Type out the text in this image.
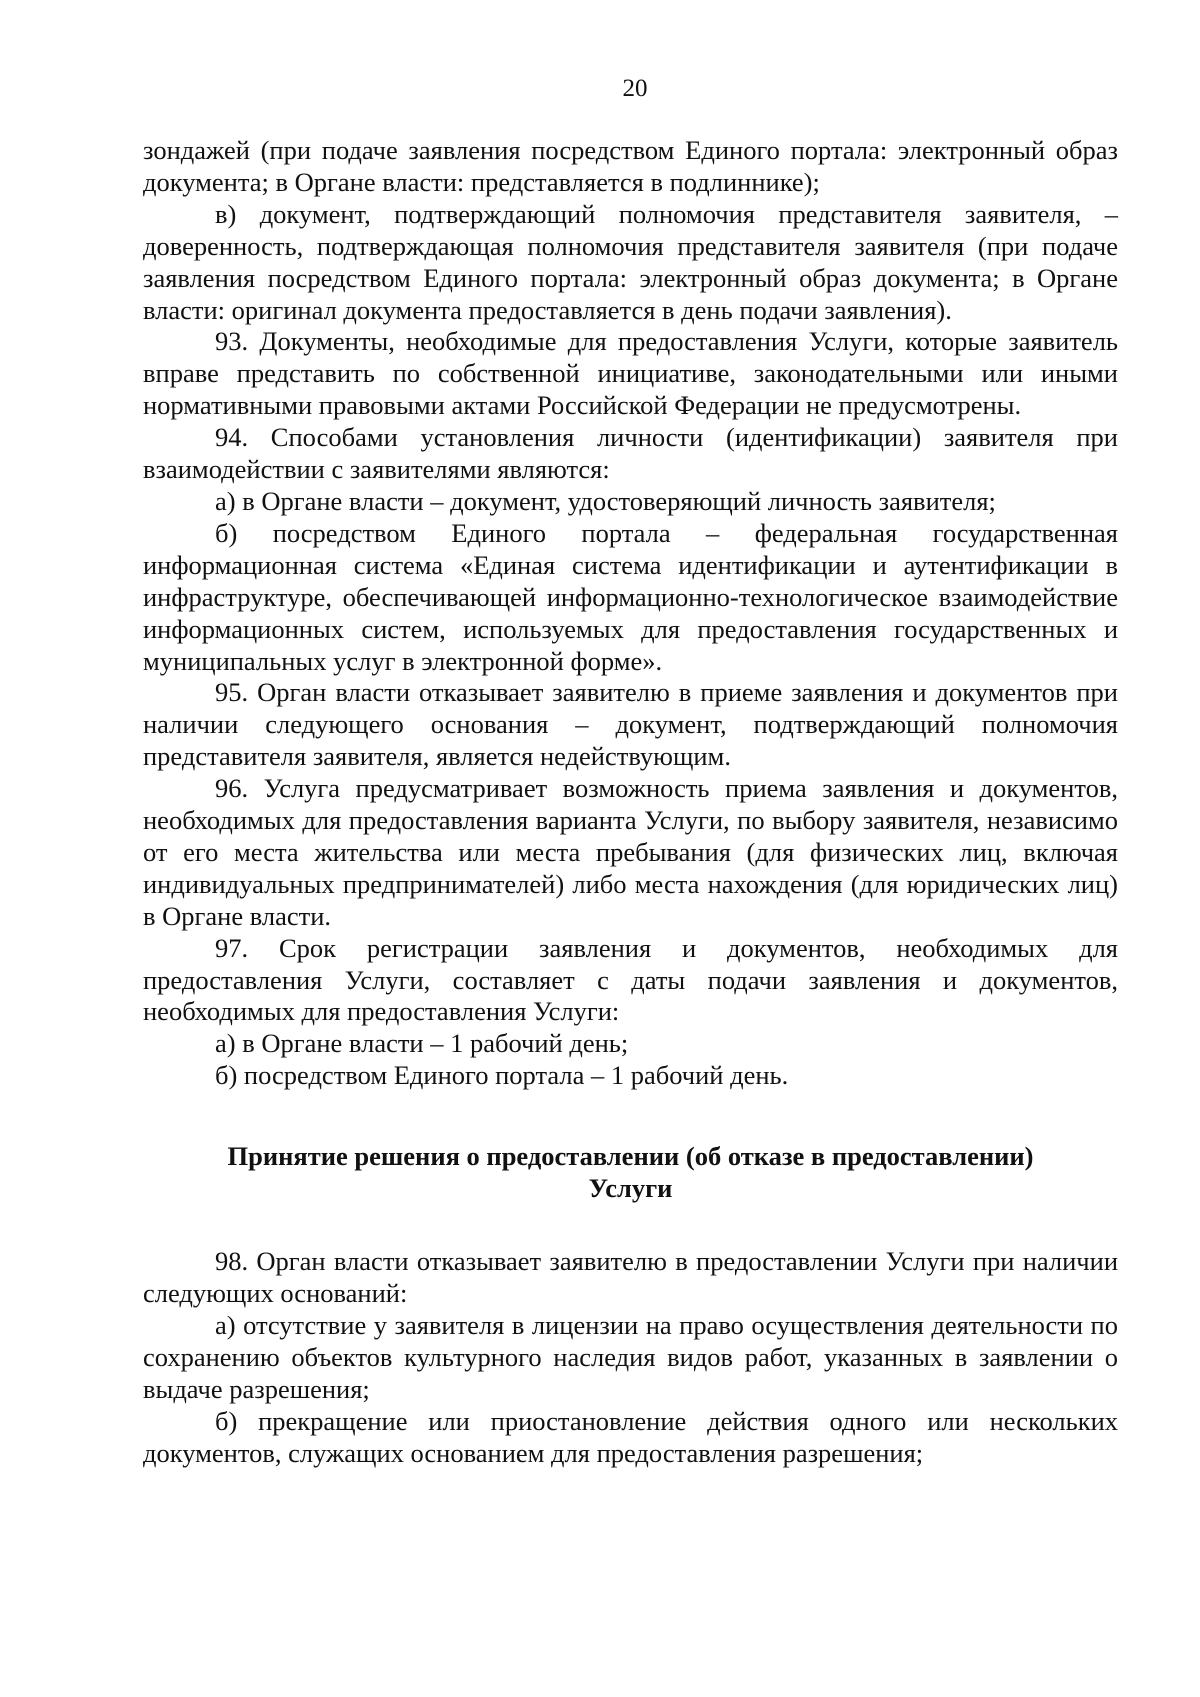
20

зондажей (при подаче заявления посредством Единого портала: электронный образ документа; в Органе власти: представляется в подлиннике);

в) документ, подтверждающий полномочия представителя заявителя, – доверенность, подтверждающая полномочия представителя заявителя (при подаче заявления посредством Единого портала: электронный образ документа; в Органе власти: оригинал документа предоставляется в день подачи заявления).

93. Документы, необходимые для предоставления Услуги, которые заявитель вправе представить по собственной инициативе, законодательными или иными нормативными правовыми актами Российской Федерации не предусмотрены.

94. Способами установления личности (идентификации) заявителя при взаимодействии с заявителями являются:

а) в Органе власти – документ, удостоверяющий личность заявителя;

б) посредством Единого портала – федеральная государственная информационная система «Единая система идентификации и аутентификации в инфраструктуре, обеспечивающей информационно-технологическое взаимодействие информационных систем, используемых для предоставления государственных и муниципальных услуг в электронной форме».

95. Орган власти отказывает заявителю в приеме заявления и документов при наличии следующего основания – документ, подтверждающий полномочия представителя заявителя, является недействующим.

96. Услуга предусматривает возможность приема заявления и документов, необходимых для предоставления варианта Услуги, по выбору заявителя, независимо от его места жительства или места пребывания (для физических лиц, включая индивидуальных предпринимателей) либо места нахождения (для юридических лиц) в Органе власти.

97. Срок регистрации заявления и документов, необходимых для предоставления Услуги, составляет с даты подачи заявления и документов, необходимых для предоставления Услуги:

а) в Органе власти – 1 рабочий день;

б) посредством Единого портала – 1 рабочий день.

Принятие решения о предоставлении (об отказе в предоставлении)
Услуги

98. Орган власти отказывает заявителю в предоставлении Услуги при наличии следующих оснований:

а) отсутствие у заявителя в лицензии на право осуществления деятельности по сохранению объектов культурного наследия видов работ, указанных в заявлении о выдаче разрешения;

б) прекращение или приостановление действия одного или нескольких документов, служащих основанием для предоставления разрешения;
